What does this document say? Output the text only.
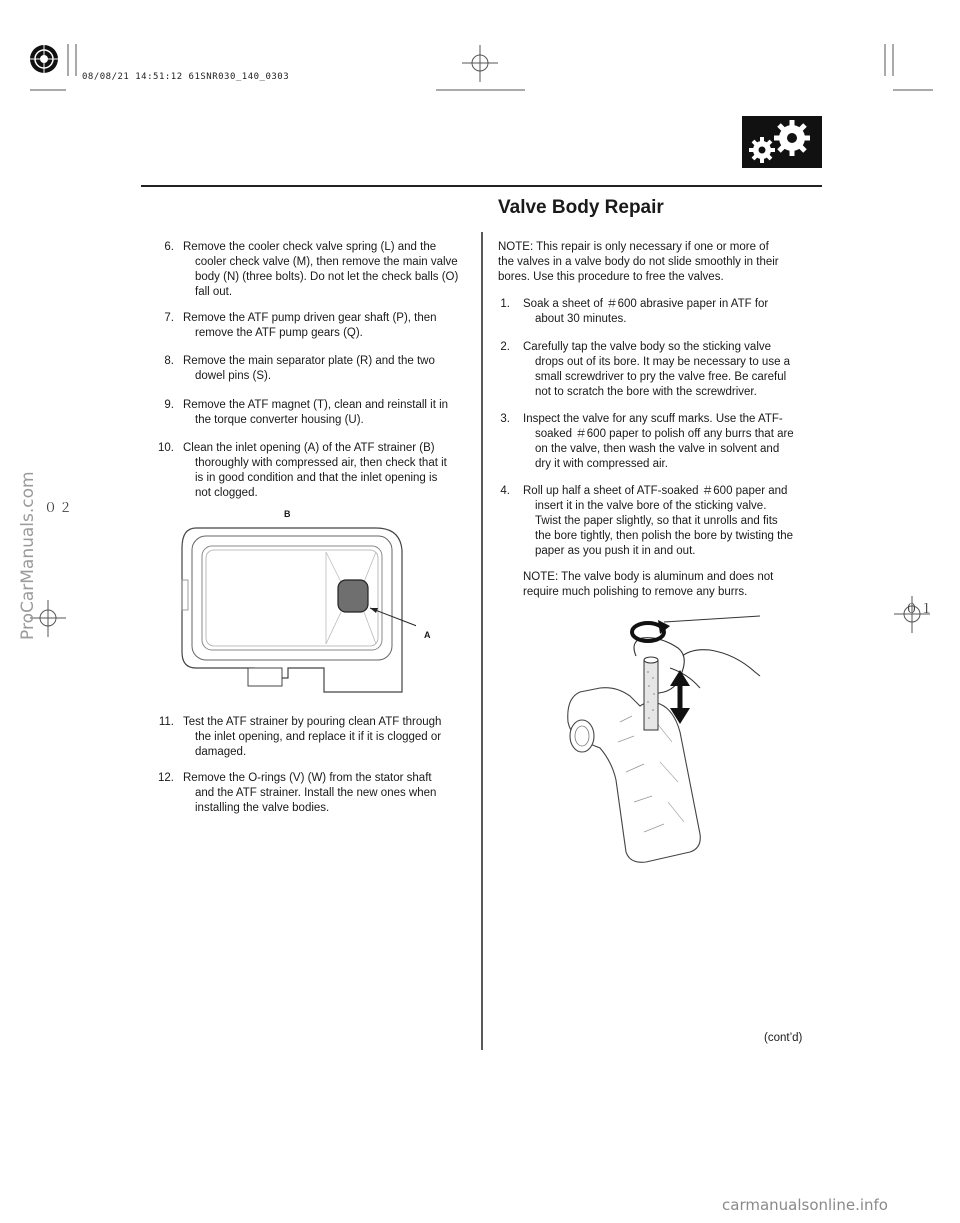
08/08/21 14:51:12 61SNR030_140_0303
Valve Body Repair
6. Remove the cooler check valve spring (L) and the
cooler check valve (M), then remove the main valve
body (N) (three bolts). Do not let the check balls (O)
fall out.
7. Remove the ATF pump driven gear shaft (P), then
remove the ATF pump gears (Q).
8. Remove the main separator plate (R) and the two
dowel pins (S).
9. Remove the ATF magnet (T), clean and reinstall it in
the torque converter housing (U).
10. Clean the inlet opening (A) of the ATF strainer (B)
thoroughly with compressed air, then check that it
is in good condition and that the inlet opening is
not clogged.
B
A
11. Test the ATF strainer by pouring clean ATF through
the inlet opening, and replace it if it is clogged or
damaged.
12. Remove the O-rings (V) (W) from the stator shaft
and the ATF strainer. Install the new ones when
installing the valve bodies.
NOTE: This repair is only necessary if one or more of
the valves in a valve body do not slide smoothly in their
bores. Use this procedure to free the valves.
1. Soak a sheet of ＃600 abrasive paper in ATF for
about 30 minutes.
2. Carefully tap the valve body so the sticking valve
drops out of its bore. It may be necessary to use a
small screwdriver to pry the valve free. Be careful
not to scratch the bore with the screwdriver.
3. Inspect the valve for any scuff marks. Use the ATF-
soaked ＃600 paper to polish off any burrs that are
on the valve, then wash the valve in solvent and
dry it with compressed air.
4. Roll up half a sheet of ATF-soaked ＃600 paper and
insert it in the valve bore of the sticking valve.
Twist the paper slightly, so that it unrolls and fits
the bore tightly, then polish the bore by twisting the
paper as you push it in and out.
NOTE: The valve body is aluminum and does not
require much polishing to remove any burrs.
(cont’d)
０２
０１
ProCarManuals.com
carmanualsonline.info
